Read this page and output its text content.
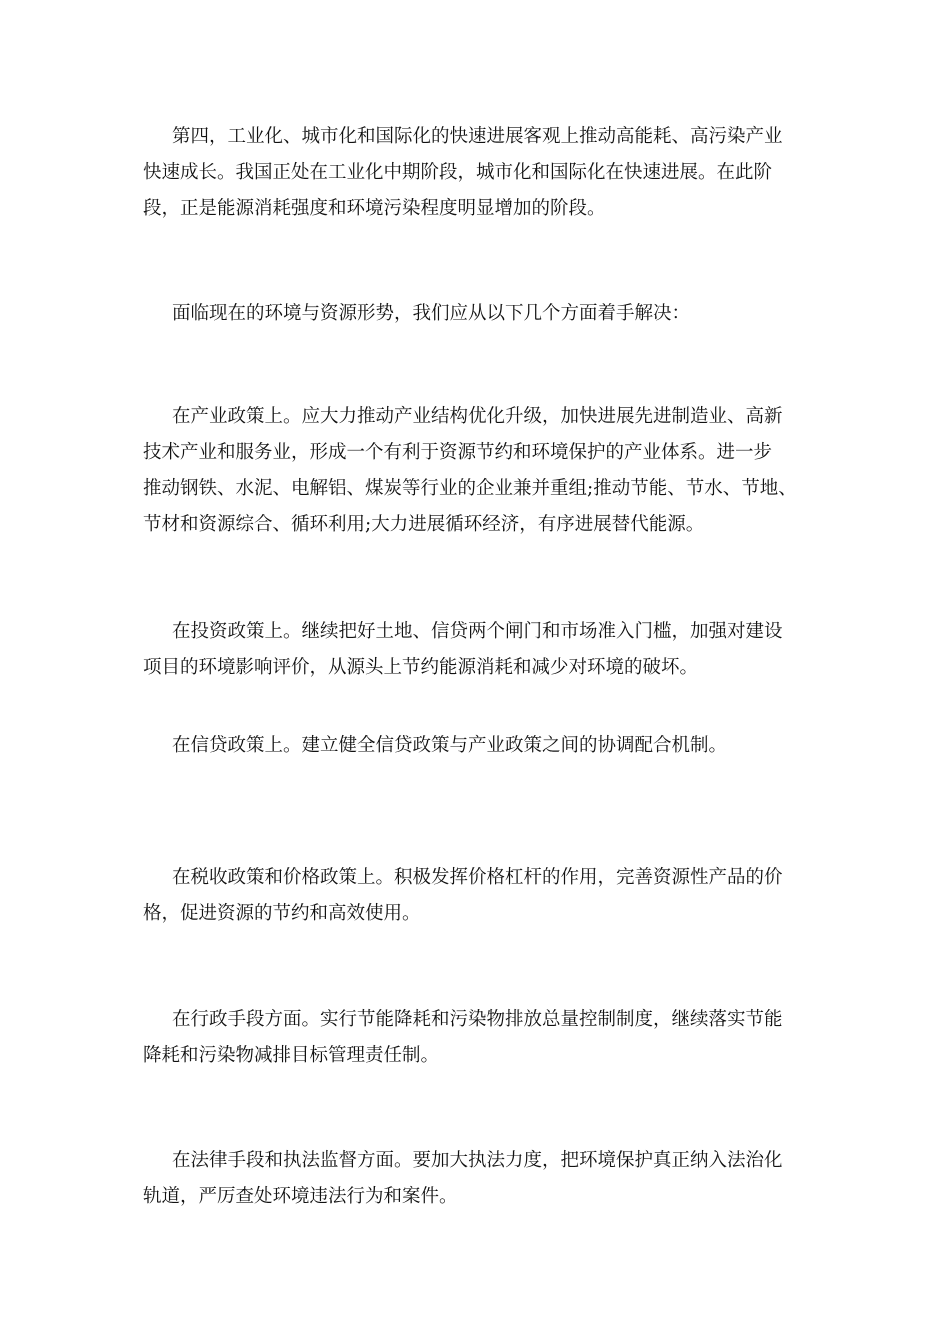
第四，工业化、城市化和国际化的快速进展客观上推动高能耗、高污染产业
快速成长。我国正处在工业化中期阶段，城市化和国际化在快速进展。在此阶
段，正是能源消耗强度和环境污染程度明显增加的阶段。
面临现在的环境与资源形势，我们应从以下几个方面着手解决：
在产业政策上。应大力推动产业结构优化升级，加快进展先进制造业、高新
技术产业和服务业，形成一个有利于资源节约和环境保护的产业体系。进一步
推动钢铁、水泥、电解铝、煤炭等行业的企业兼并重组;推动节能、节水、节地、
节材和资源综合、循环利用;大力进展循环经济，有序进展替代能源。
在投资政策上。继续把好土地、信贷两个闸门和市场准入门槛，加强对建设
项目的环境影响评价，从源头上节约能源消耗和减少对环境的破坏。
在信贷政策上。建立健全信贷政策与产业政策之间的协调配合机制。
在税收政策和价格政策上。积极发挥价格杠杆的作用，完善资源性产品的价
格，促进资源的节约和高效使用。
在行政手段方面。实行节能降耗和污染物排放总量控制制度，继续落实节能
降耗和污染物减排目标管理责任制。
在法律手段和执法监督方面。要加大执法力度，把环境保护真正纳入法治化
轨道，严厉查处环境违法行为和案件。
